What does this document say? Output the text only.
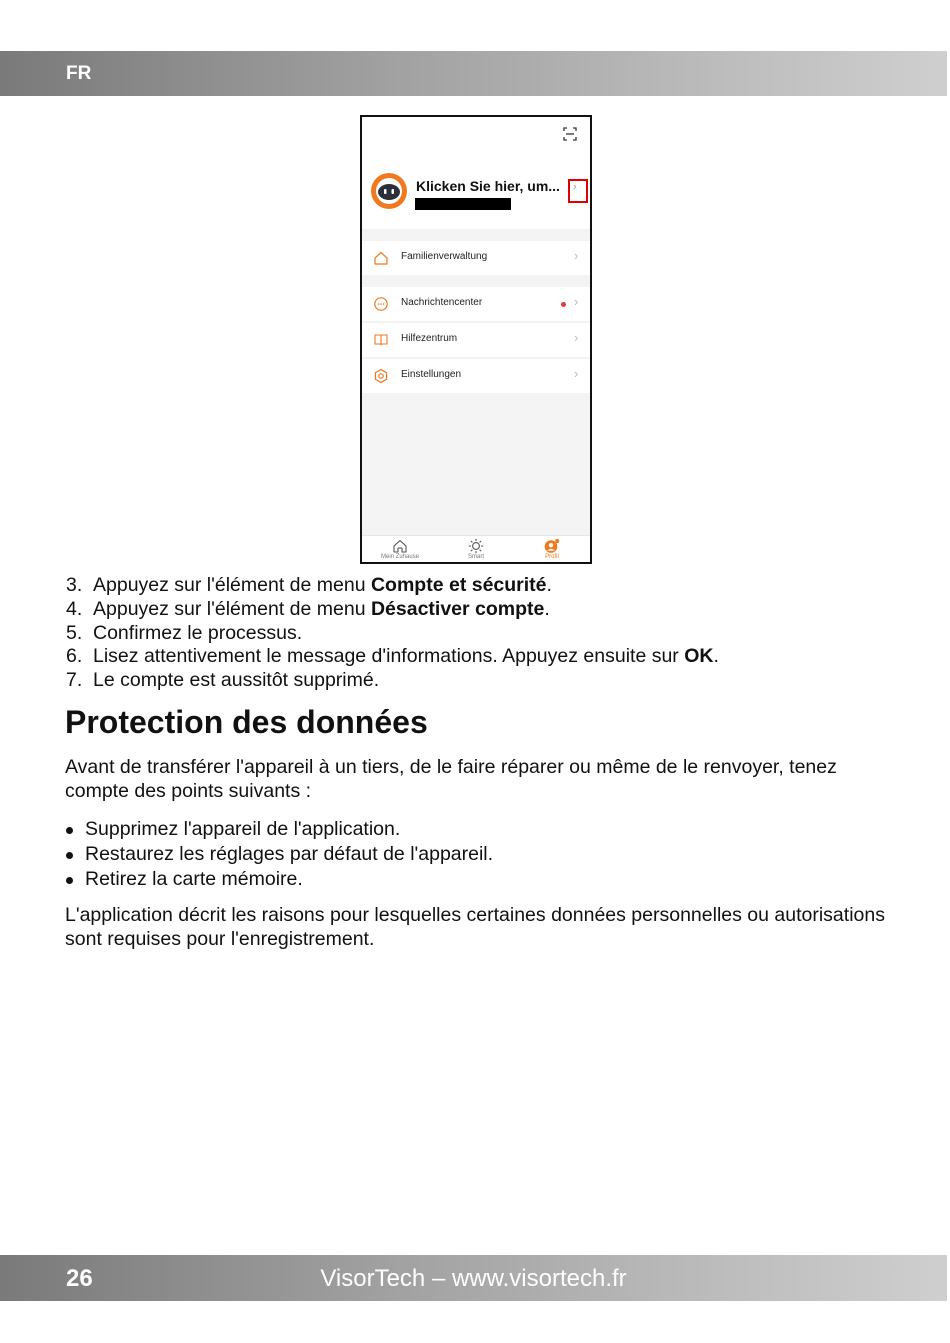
FR
Klicken Sie hier, um... ›
Familienverwaltung	›
Nachrichtencenter	›
Hilfezentrum	›
Einstellungen	›
Mein Zuhause	Smart	Profil
3. Appuyez sur l'élément de menu Compte et sécurité.
4. Appuyez sur l'élément de menu Désactiver compte.
5. Confirmez le processus.
6. Lisez attentivement le message d'informations. Appuyez ensuite sur OK.
7. Le compte est aussitôt supprimé.
Protection des données

Avant de transférer l'appareil à un tiers, de le faire réparer ou même de le renvoyer, tenez compte des points suivants :

Supprimez l'appareil de l'application.
Restaurez les réglages par défaut de l'appareil.
Retirez la carte mémoire.

L'application décrit les raisons pour lesquelles certaines données personnelles ou autorisations sont requises pour l'enregistrement.

26	VisorTech – www.visortech.fr
